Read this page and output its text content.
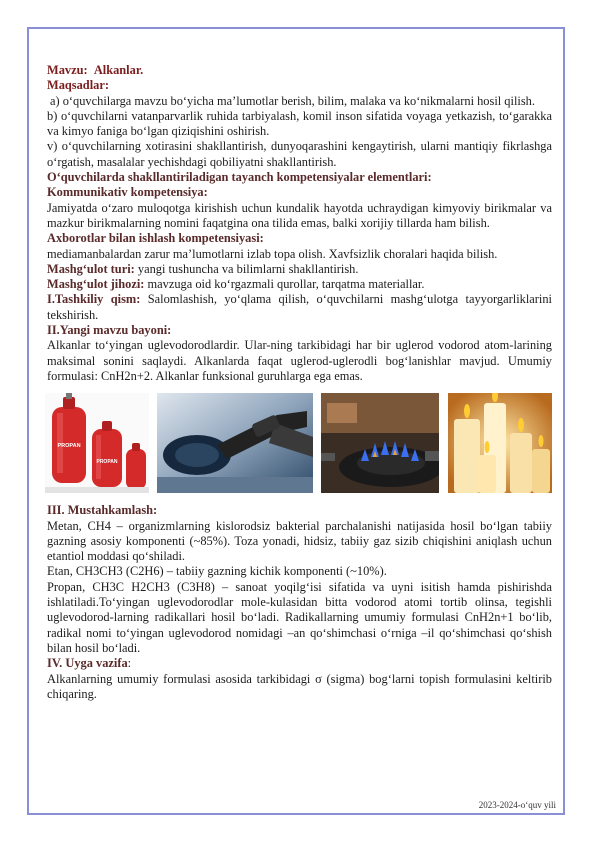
Mavzu: Alkanlar.

Maqsadlar:

a) o‘quvchilarga mavzu bo‘yicha ma’lumotlar berish, bilim, malaka va ko‘nikmalarni hosil qilish.

b) o‘quvchilarni vatanparvarlik ruhida tarbiyalash, komil inson sifatida voyaga yetkazish, to‘garakka va kimyo faniga bo‘lgan qiziqishini oshirish.

v) o‘quvchilarning xotirasini shakllantirish, dunyoqarashini kengaytirish, ularni mantiqiy fikrlashga o‘rgatish, masalalar yechishdagi qobiliyatni shakllantirish.

O‘quvchilarda shakllantiriladigan tayanch kompetensiyalar elementlari:

Kommunikativ kompetensiya:

Jamiyatda o‘zaro muloqotga kirishish uchun kundalik hayotda uchraydigan kimyoviy birikmalar va mazkur birikmalarning nomini faqatgina ona tilida emas, balki xorijiy tillarda ham bilish.

Axborotlar bilan ishlash kompetensiyasi:

mediamanbalardan zarur ma’lumotlarni izlab topa olish. Xavfsizlik choralari haqida bilish.

Mashg‘ulot turi: yangi tushuncha va bilimlarni shakllantirish.

Mashg‘ulot jihozi: mavzuga oid ko‘rgazmali qurollar, tarqatma materiallar.

I.Tashkiliy qism: Salomlashish, yo‘qlama qilish, o‘quvchilarni mashg‘ulotga tayyorgarliklarini tekshirish.

II.Yangi mavzu bayoni:

Alkanlar to‘yingan uglevodorodlardir. Ular-ning tarkibidagi har bir uglerod vodorod atom-larining maksimal sonini saqlaydi. Alkanlarda faqat uglerod-uglerodli bog‘lanishlar mavjud. Umumiy formulasi: CnH2n+2. Alkanlar funksional guruhlarga ega emas.

PROPAN
PROPAN

III. Mustahkamlash:

Metan, CH4 – organizmlarning kislorodsiz bakterial parchalanishi natijasida hosil bo‘lgan tabiiy gazning asosiy komponenti (~85%). Toza yonadi, hidsiz, tabiiy gaz sizib chiqishini aniqlash uchun etantiol moddasi qo‘shiladi.

Etan, CH3CH3 (C2H6) – tabiiy gazning kichik komponenti (~10%).

Propan, CH3C H2CH3 (C3H8) – sanoat yoqilg‘isi sifatida va uyni isitish hamda pishirishda ishlatiladi.To‘yingan uglevodorodlar mole-kulasidan bitta vodorod atomi tortib olinsa, tegishli uglevodorod-larning radikallari hosil bo‘ladi. Radikallarning umumiy formulasi CnH2n+1 bo‘lib, radikal nomi to‘yingan uglevodorod nomidagi –an qo‘shimchasi o‘rniga –il qo‘shimchasi qo‘shish bilan hosil bo‘ladi.

IV. Uyga vazifa:

Alkanlarning umumiy formulasi asosida tarkibidagi σ (sigma) bog‘larni topish formulasini keltirib chiqaring.

2023-2024-o‘quv yili
